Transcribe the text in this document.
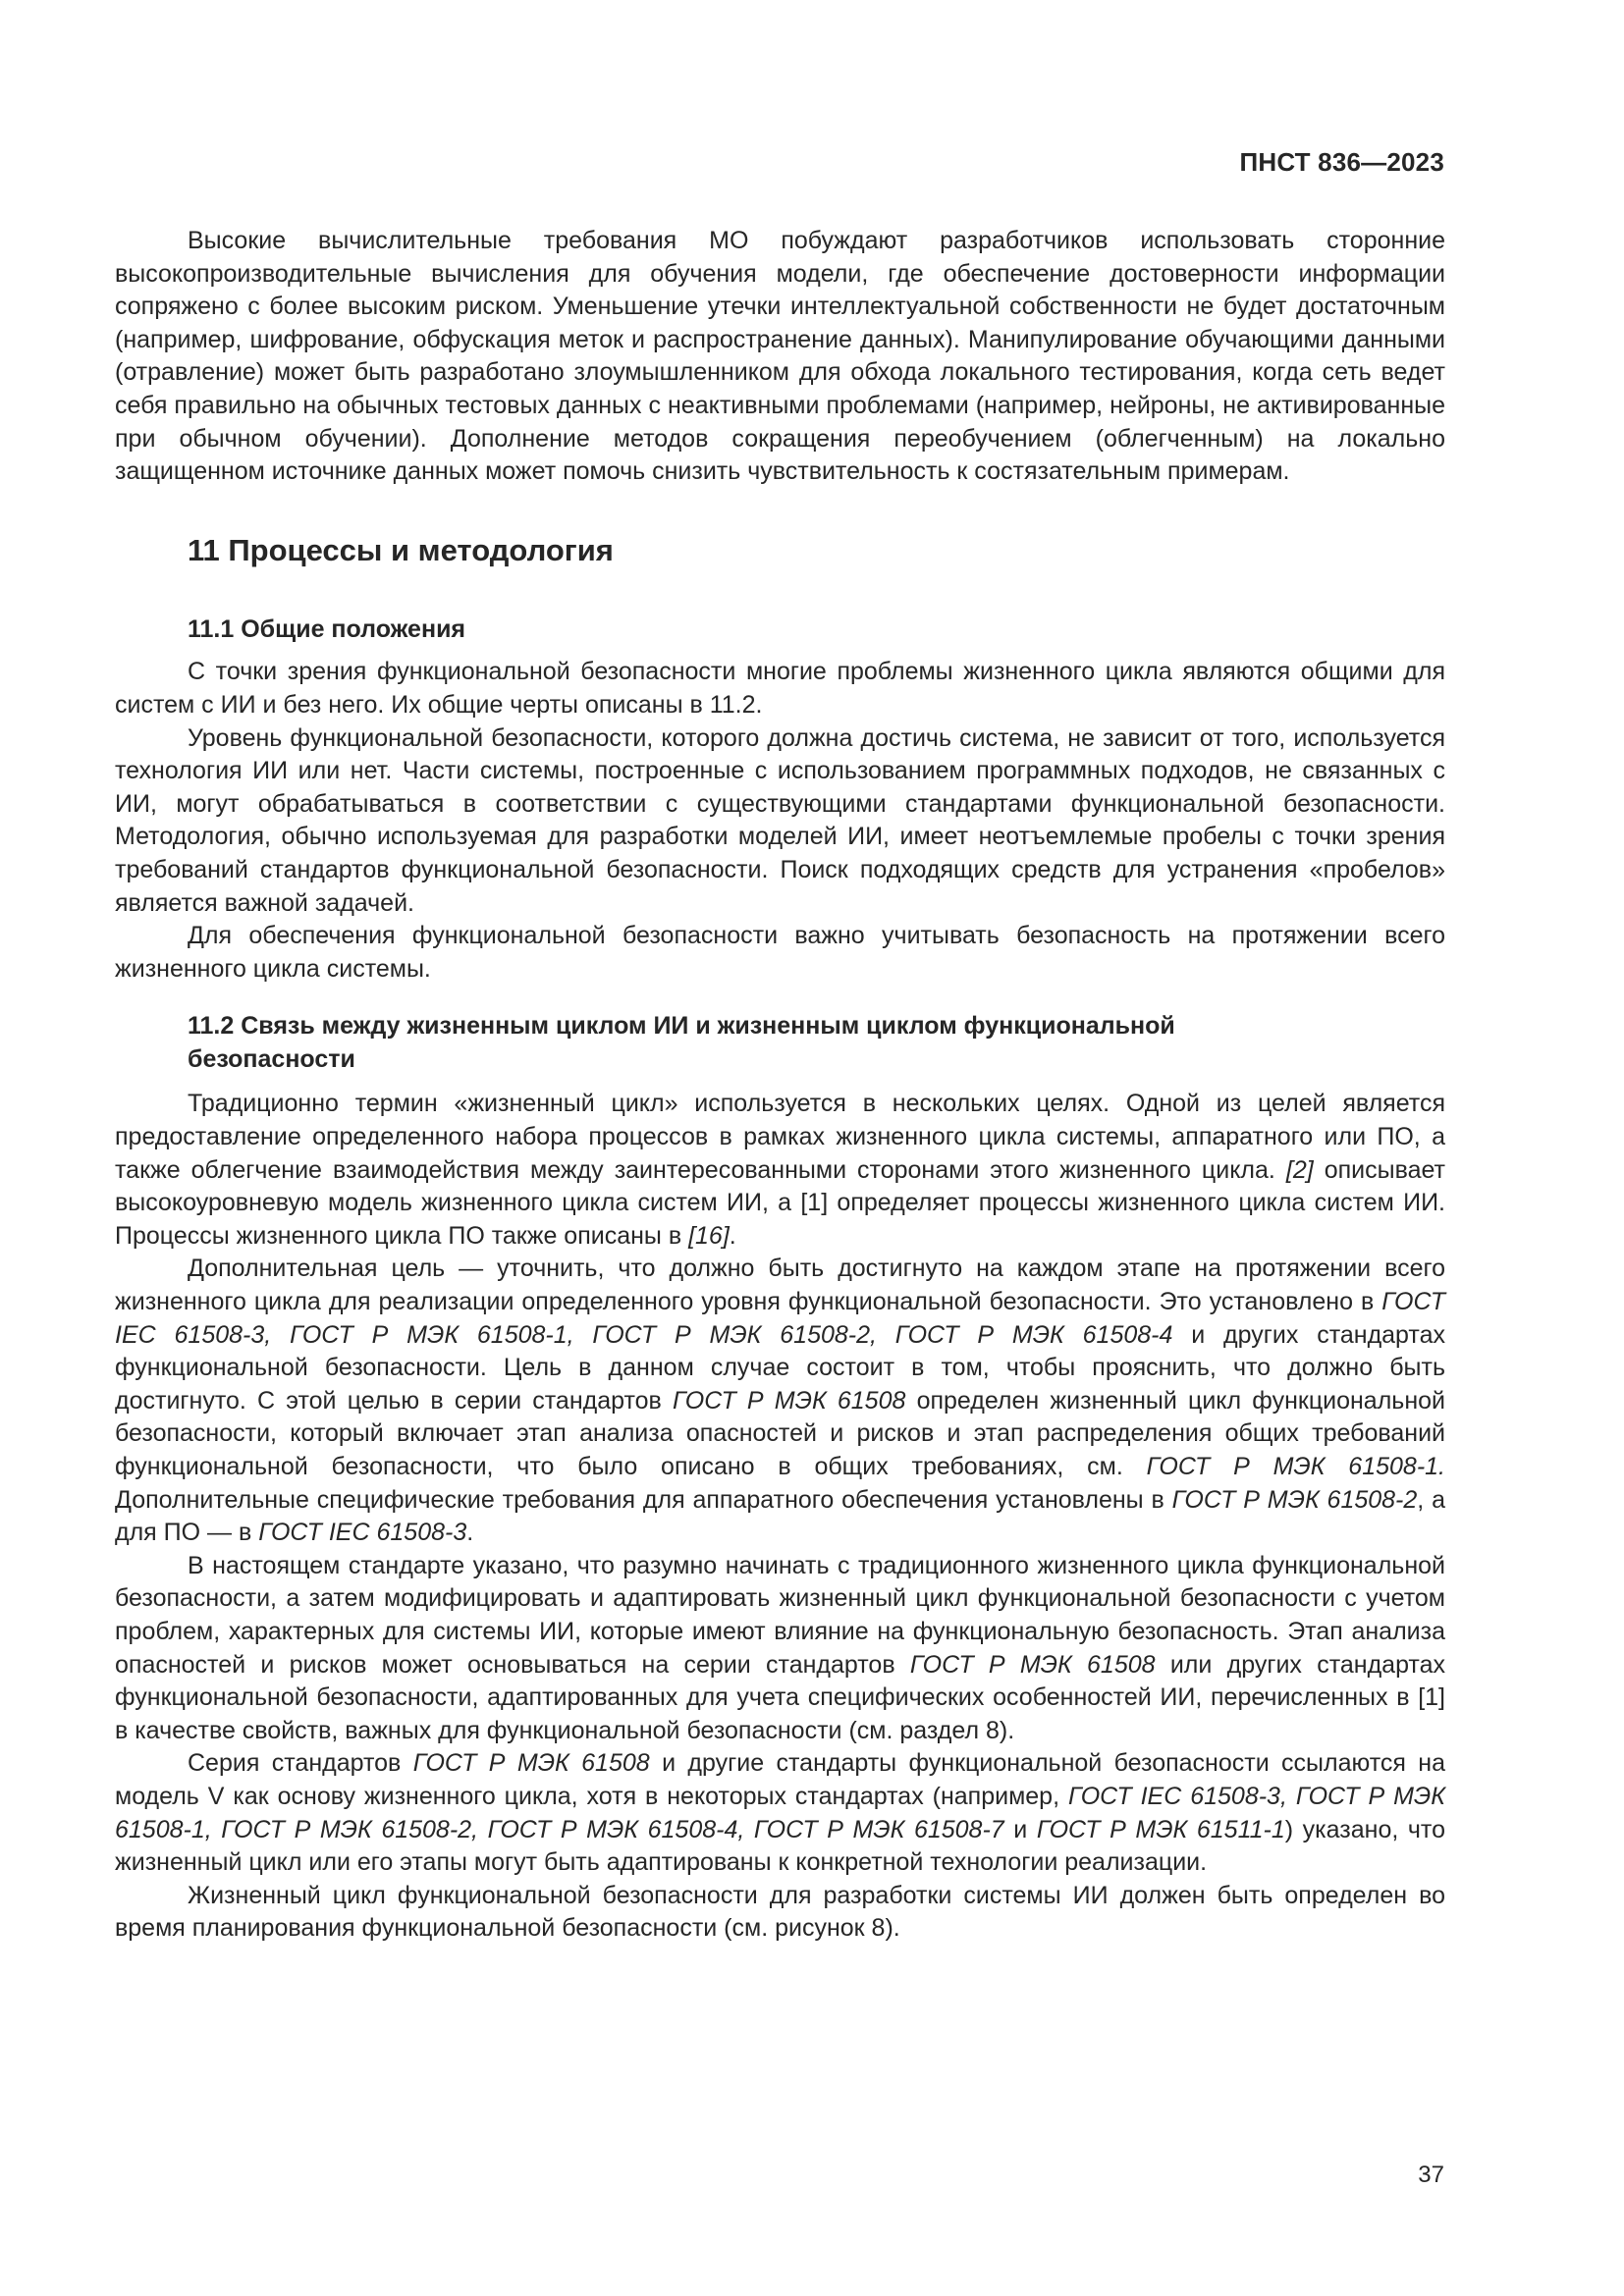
ПНСТ 836—2023

Высокие вычислительные требования МО побуждают разработчиков использовать сторонние высокопроизводительные вычисления для обучения модели, где обеспечение достоверности информации сопряжено с более высоким риском. Уменьшение утечки интеллектуальной собственности не будет достаточным (например, шифрование, обфускация меток и распространение данных). Манипулирование обучающими данными (отравление) может быть разработано злоумышленником для обхода локального тестирования, когда сеть ведет себя правильно на обычных тестовых данных с неактивными проблемами (например, нейроны, не активированные при обычном обучении). Дополнение методов сокращения переобучением (облегченным) на локально защищенном источнике данных может помочь снизить чувствительность к состязательным примерам.

11 Процессы и методология
11.1 Общие положения

С точки зрения функциональной безопасности многие проблемы жизненного цикла являются общими для систем с ИИ и без него. Их общие черты описаны в 11.2.

Уровень функциональной безопасности, которого должна достичь система, не зависит от того, используется технология ИИ или нет. Части системы, построенные с использованием программных подходов, не связанных с ИИ, могут обрабатываться в соответствии с существующими стандартами функциональной безопасности. Методология, обычно используемая для разработки моделей ИИ, имеет неотъемлемые пробелы с точки зрения требований стандартов функциональной безопасности. Поиск подходящих средств для устранения «пробелов» является важной задачей.

Для обеспечения функциональной безопасности важно учитывать безопасность на протяжении всего жизненного цикла системы.

11.2 Связь между жизненным циклом ИИ и жизненным циклом функциональной
безопасности

Традиционно термин «жизненный цикл» используется в нескольких целях. Одной из целей является предоставление определенного набора процессов в рамках жизненного цикла системы, аппаратного или ПО, а также облегчение взаимодействия между заинтересованными сторонами этого жизненного цикла. [2] описывает высокоуровневую модель жизненного цикла систем ИИ, а [1] определяет процессы жизненного цикла систем ИИ. Процессы жизненного цикла ПО также описаны в [16].

Дополнительная цель — уточнить, что должно быть достигнуто на каждом этапе на протяжении всего жизненного цикла для реализации определенного уровня функциональной безопасности. Это установлено в ГОСТ IEC 61508-3, ГОСТ Р МЭК 61508-1, ГОСТ Р МЭК 61508-2, ГОСТ Р МЭК 61508-4 и других стандартах функциональной безопасности. Цель в данном случае состоит в том, чтобы прояснить, что должно быть достигнуто. С этой целью в серии стандартов ГОСТ Р МЭК 61508 определен жизненный цикл функциональной безопасности, который включает этап анализа опасностей и рисков и этап распределения общих требований функциональной безопасности, что было описано в общих требованиях, см. ГОСТ Р МЭК 61508-1. Дополнительные специфические требования для аппаратного обеспечения установлены в ГОСТ Р МЭК 61508-2, а для ПО — в ГОСТ IEC 61508-3.

В настоящем стандарте указано, что разумно начинать с традиционного жизненного цикла функциональной безопасности, а затем модифицировать и адаптировать жизненный цикл функциональной безопасности с учетом проблем, характерных для системы ИИ, которые имеют влияние на функциональную безопасность. Этап анализа опасностей и рисков может основываться на серии стандартов ГОСТ Р МЭК 61508 или других стандартах функциональной безопасности, адаптированных для учета специфических особенностей ИИ, перечисленных в [1] в качестве свойств, важных для функциональной безопасности (см. раздел 8).

Серия стандартов ГОСТ Р МЭК 61508 и другие стандарты функциональной безопасности ссылаются на модель V как основу жизненного цикла, хотя в некоторых стандартах (например, ГОСТ IEC 61508-3, ГОСТ Р МЭК 61508-1, ГОСТ Р МЭК 61508-2, ГОСТ Р МЭК 61508-4, ГОСТ Р МЭК 61508-7 и ГОСТ Р МЭК 61511-1) указано, что жизненный цикл или его этапы могут быть адаптированы к конкретной технологии реализации.

Жизненный цикл функциональной безопасности для разработки системы ИИ должен быть определен во время планирования функциональной безопасности (см. рисунок 8).

37
